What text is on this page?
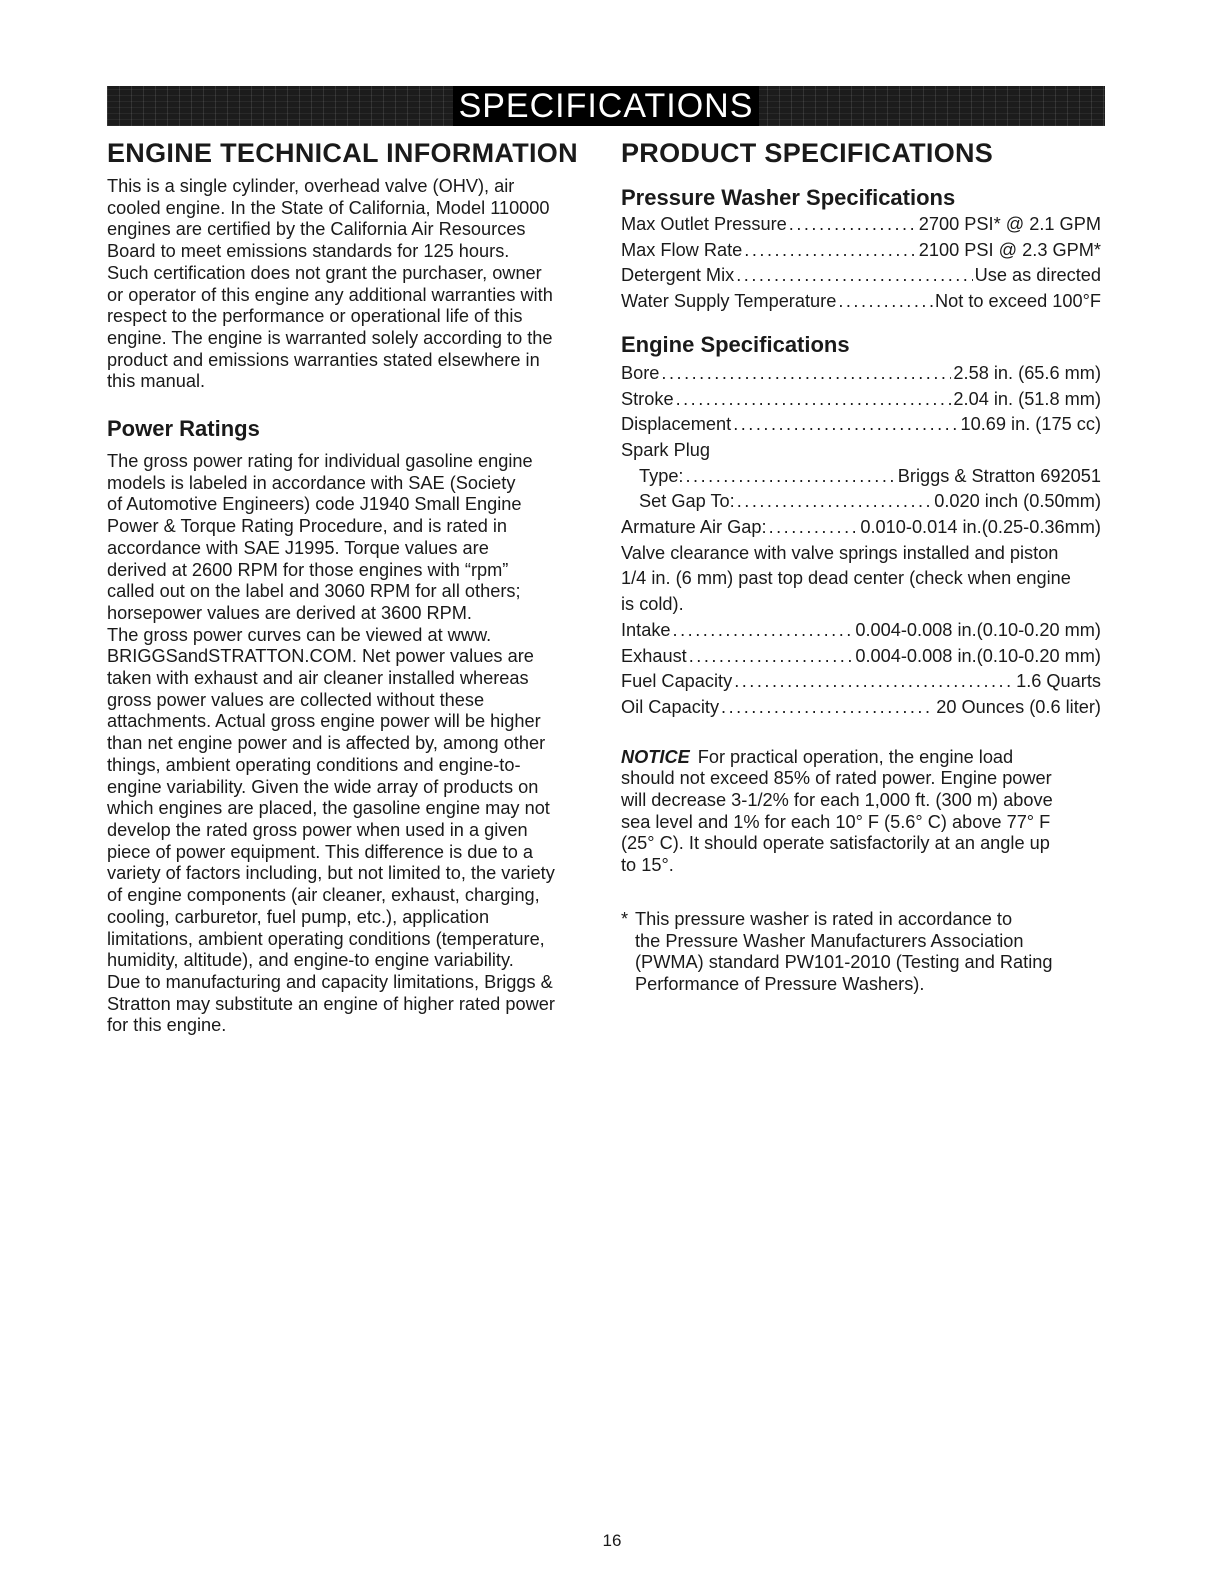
SPECIFICATIONS
ENGINE TECHNICAL INFORMATION

This is a single cylinder, overhead valve (OHV), air
cooled engine. In the State of California, Model 110000
engines are certified by the California Air Resources
Board to meet emissions standards for 125 hours.
Such certification does not grant the purchaser, owner
or operator of this engine any additional warranties with
respect to the performance or operational life of this
engine. The engine is warranted solely according to the
product and emissions warranties stated elsewhere in
this manual.

Power Ratings

The gross power rating for individual gasoline engine
models is labeled in accordance with SAE (Society
of Automotive Engineers) code J1940 Small Engine
Power & Torque Rating Procedure, and is rated in
accordance with SAE J1995. Torque values are
derived at 2600 RPM for those engines with “rpm”
called out on the label and 3060 RPM for all others;
horsepower values are derived at 3600 RPM.
The gross power curves can be viewed at www.
BRIGGSandSTRATTON.COM. Net power values are
taken with exhaust and air cleaner installed whereas
gross power values are collected without these
attachments. Actual gross engine power will be higher
than net engine power and is affected by, among other
things, ambient operating conditions and engine-to-
engine variability. Given the wide array of products on
which engines are placed, the gasoline engine may not
develop the rated gross power when used in a given
piece of power equipment. This difference is due to a
variety of factors including, but not limited to, the variety
of engine components (air cleaner, exhaust, charging,
cooling, carburetor, fuel pump, etc.), application
limitations, ambient operating conditions (temperature,
humidity, altitude), and engine-to engine variability.
Due to manufacturing and capacity limitations, Briggs &
Stratton may substitute an engine of higher rated power
for this engine.

PRODUCT SPECIFICATIONS
Pressure Washer Specifications
Max Outlet Pressure .....	2700 PSI* @ 2.1 GPM
Max Flow Rate .....	2100 PSI @ 2.3 GPM*
Detergent Mix .....	Use as directed
Water Supply Temperature .....	Not to exceed 100°F
Engine Specifications
Bore .....	2.58 in. (65.6 mm)
Stroke .....	2.04 in. (51.8 mm)
Displacement .....	10.69 in. (175 cc)
Spark Plug
Type: .....	Briggs & Stratton 692051
Set Gap To: .....	0.020 inch (0.50mm)
Armature Air Gap: .....	0.010-0.014 in.(0.25-0.36mm)
Valve clearance with valve springs installed and piston
1/4 in. (6 mm) past top dead center (check when engine
is cold).
Intake .....	0.004-0.008 in.(0.10-0.20 mm)
Exhaust .....	0.004-0.008 in.(0.10-0.20 mm)
Fuel Capacity .....	1.6 Quarts
Oil Capacity .....	20 Ounces (0.6 liter)

NOTICE For practical operation, the engine load
should not exceed 85% of rated power. Engine power
will decrease 3-1/2% for each 1,000 ft. (300 m) above
sea level and 1% for each 10° F (5.6° C) above 77° F
(25° C). It should operate satisfactorily at an angle up
to 15°.

* This pressure washer is rated in accordance to
the Pressure Washer Manufacturers Association
(PWMA) standard PW101-2010 (Testing and Rating
Performance of Pressure Washers).
16
